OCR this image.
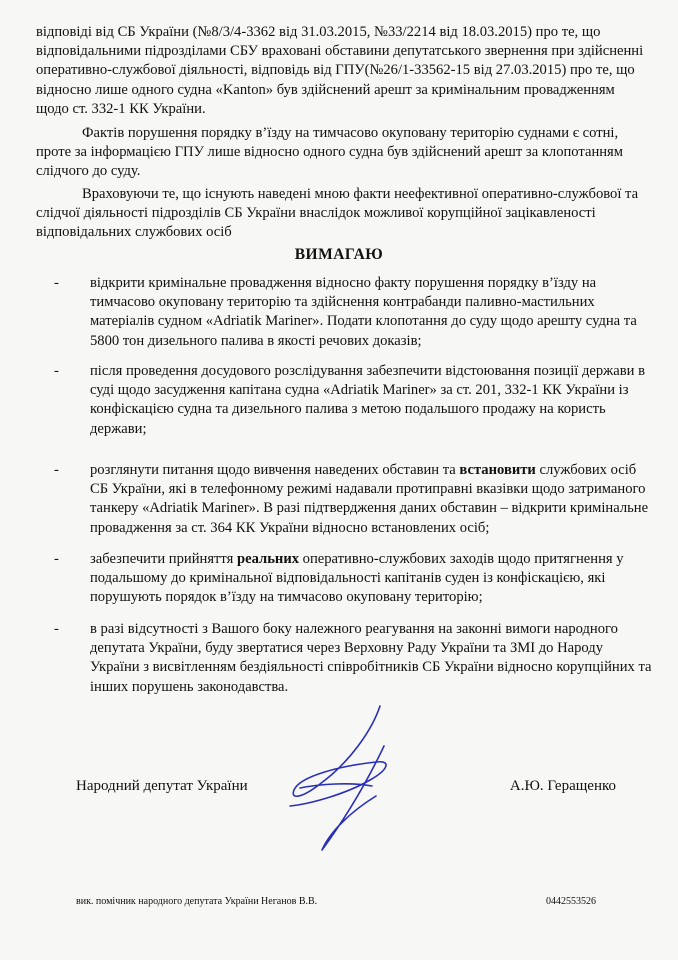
відповіді від СБ України (№8/3/4-3362 від 31.03.2015, №33/2214 від 18.03.2015) про те, що відповідальними підрозділами СБУ враховані обставини депутатського звернення при здійсненні оперативно-службової діяльності, відповідь від ГПУ(№26/1-33562-15 від 27.03.2015) про те, що відносно лише одного судна «Kanton» був здійснений арешт за кримінальним провадженням щодо ст. 332-1 КК України.

Фактів порушення порядку в’їзду на тимчасово окуповану територію суднами є сотні, проте за інформацією ГПУ лише відносно одного судна був здійснений арешт за клопотанням слідчого до суду.

Враховуючи те, що існують наведені мною факти неефективної оперативно-службової та слідчої діяльності підрозділів СБ України внаслідок можливої корупційної зацікавленості відповідальних службових осіб

ВИМАГАЮ
- відкрити кримінальне провадження відносно факту порушення порядку в’їзду на тимчасово окуповану територію та здійснення контрабанди паливно-мастильних матеріалів судном «Adriatik Mariner». Подати клопотання до суду щодо арешту судна та 5800 тон дизельного палива в якості речових доказів;
- після проведення досудового розслідування забезпечити відстоювання позиції держави в суді щодо засудження капітана судна «Adriatik Mariner» за ст. 201, 332-1 КК України із конфіскацією судна та дизельного палива з метою подальшого продажу на користь держави;
- розглянути питання щодо вивчення наведених обставин та встановити службових осіб СБ України, які в телефонному режимі надавали протиправні вказівки щодо затриманого танкеру «Adriatik Mariner». В разі підтвердження даних обставин – відкрити кримінальне провадження за ст. 364 КК України відносно встановлених осіб;
- забезпечити прийняття реальних оперативно-службових заходів щодо притягнення у подальшому до кримінальної відповідальності капітанів суден із конфіскацією, які порушують порядок в’їзду на тимчасово окуповану територію;
- в разі відсутності з Вашого боку належного реагування на законні вимоги народного депутата України, буду звертатися через Верховну Раду України та ЗМІ до Народу України з висвітленням бездіяльності співробітників СБ України відносно корупційних та інших порушень законодавства.
Народний депутат України	А.Ю. Геращенко
вик. помічник народного депутата України Неганов В.В.	0442553526
